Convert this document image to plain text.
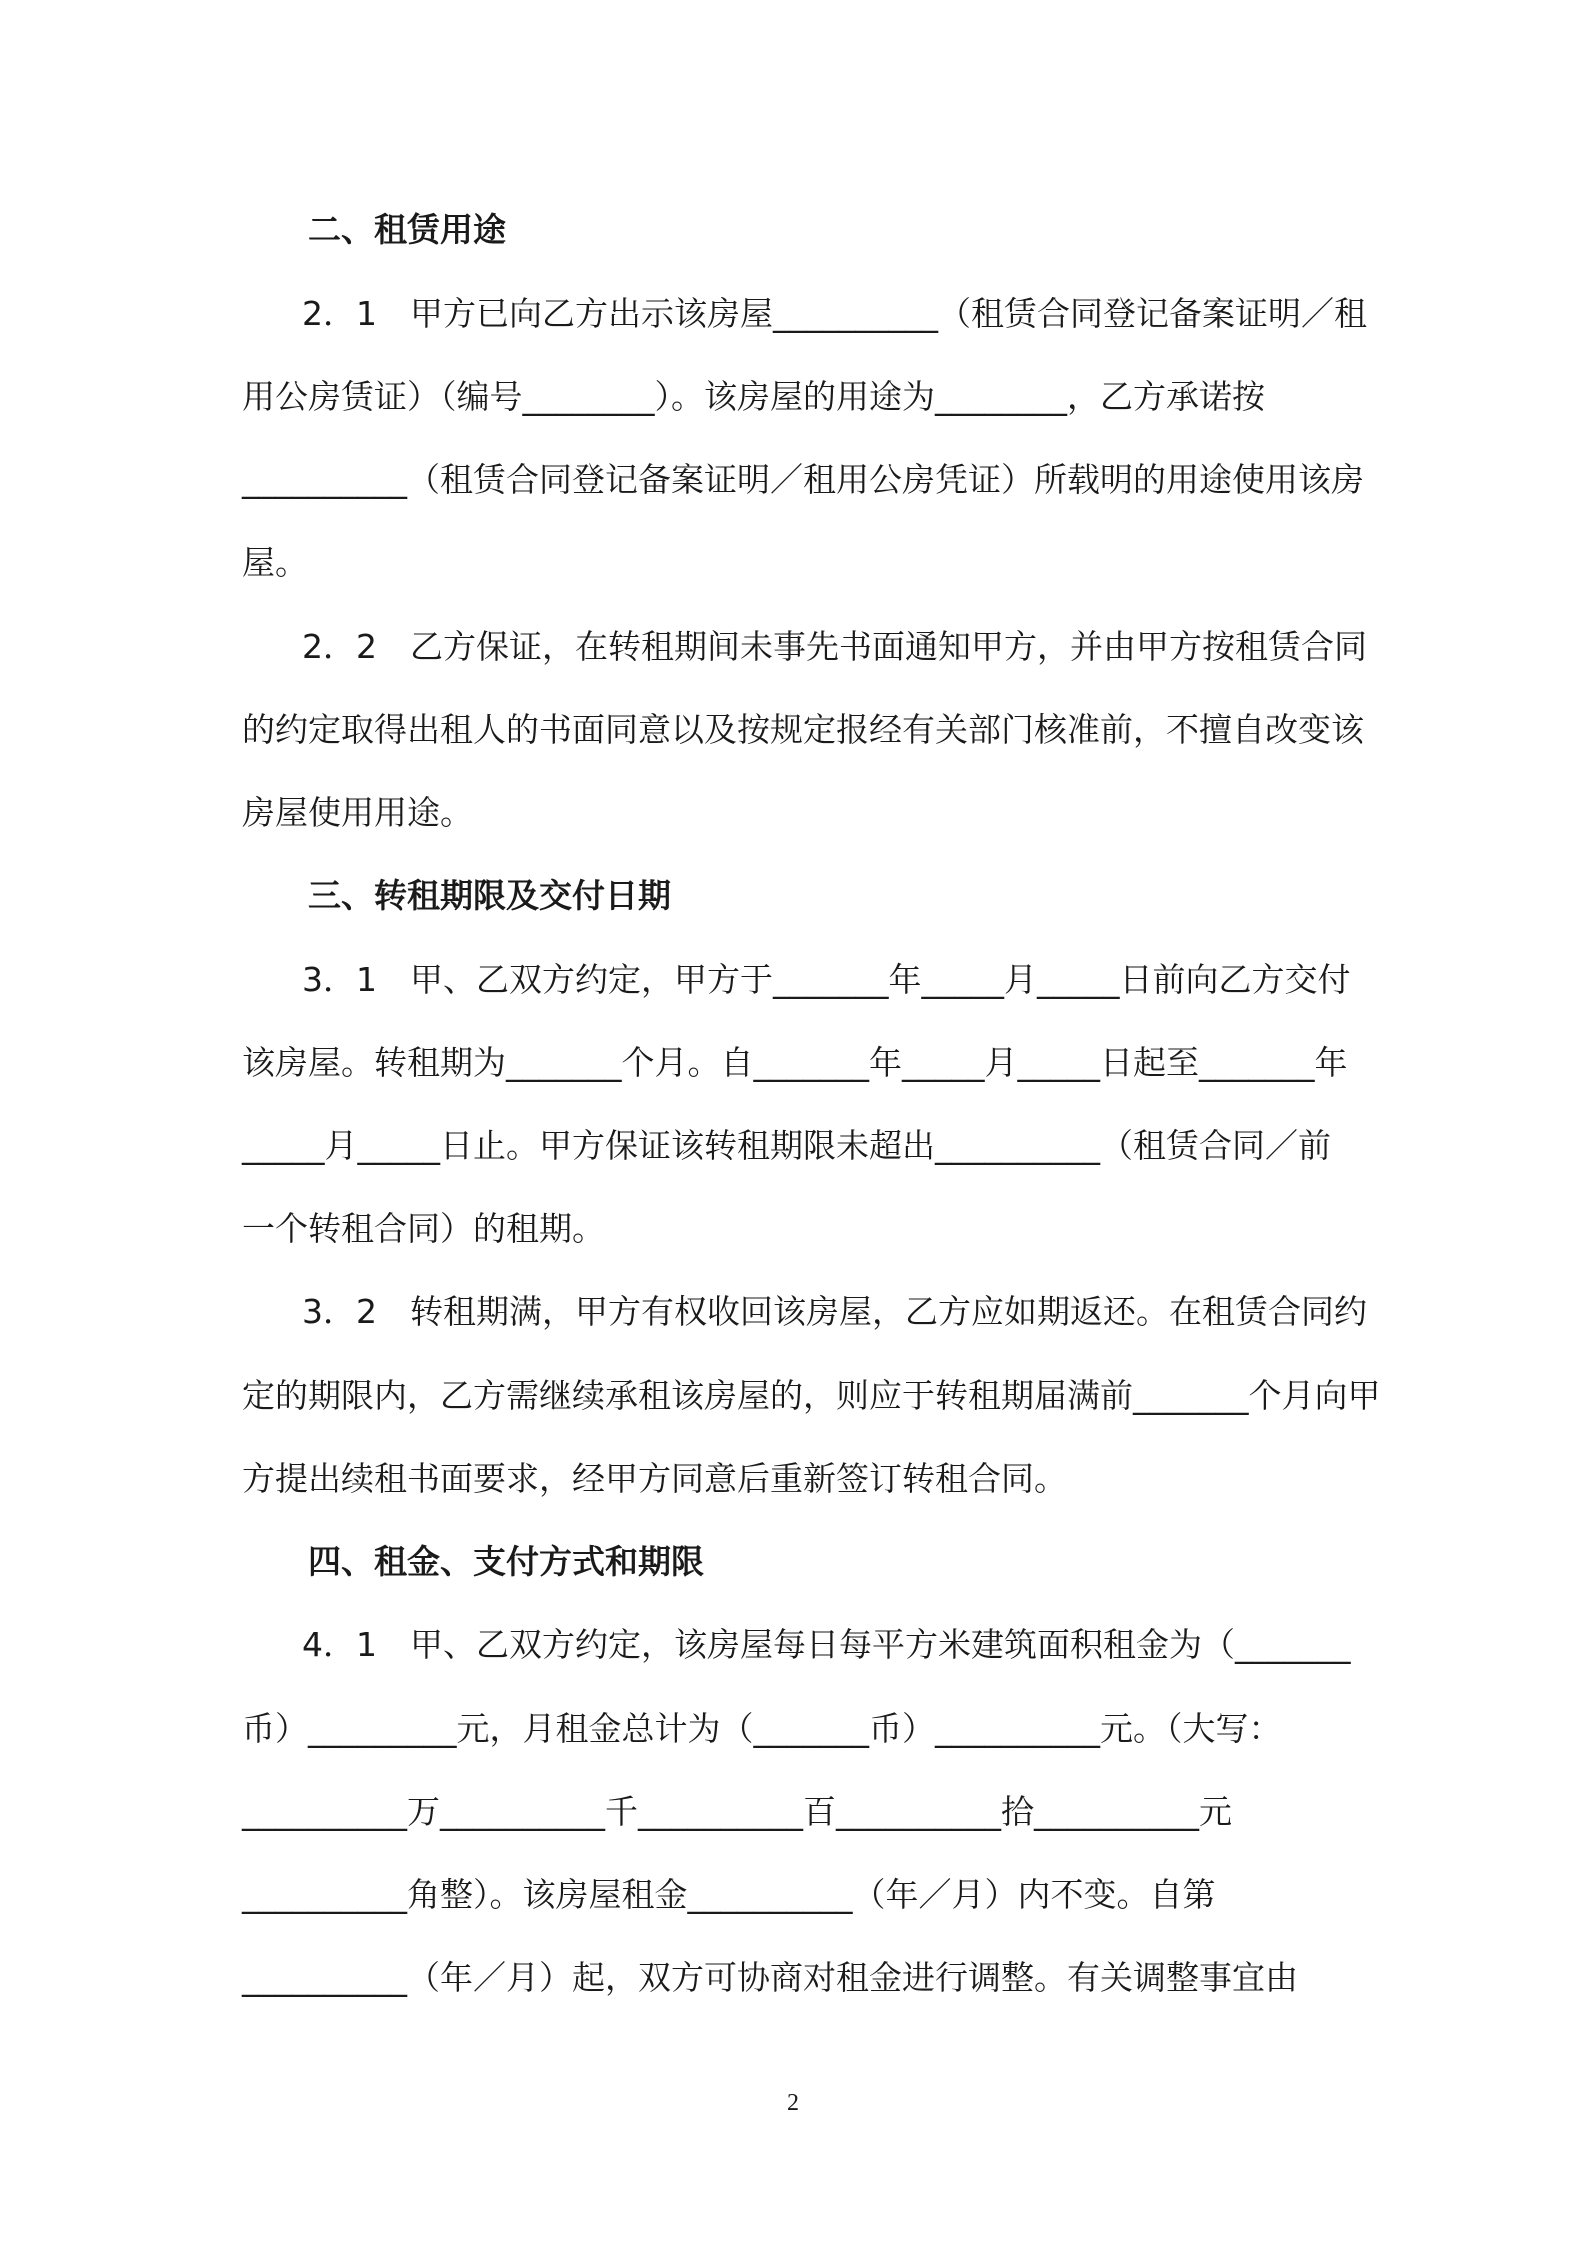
二、租赁用途

2．1　甲方已向乙方出示该房屋__________（租赁合同登记备案证明／租

用公房赁证）（编号________）。该房屋的用途为________，乙方承诺按

__________（租赁合同登记备案证明／租用公房凭证）所载明的用途使用该房

屋。

2．2　乙方保证，在转租期间未事先书面通知甲方，并由甲方按租赁合同

的约定取得出租人的书面同意以及按规定报经有关部门核准前，不擅自改变该

房屋使用用途。

三、转租期限及交付日期

3．1　甲、乙双方约定，甲方于_______年_____月_____日前向乙方交付

该房屋。转租期为_______个月。自_______年_____月_____日起至_______年

_____月_____日止。甲方保证该转租期限未超出__________（租赁合同／前

一个转租合同）的租期。

3．2　转租期满，甲方有权收回该房屋，乙方应如期返还。在租赁合同约

定的期限内，乙方需继续承租该房屋的，则应于转租期届满前_______个月向甲

方提出续租书面要求，经甲方同意后重新签订转租合同。

四、租金、支付方式和期限

4．1　甲、乙双方约定，该房屋每日每平方米建筑面积租金为（_______

币）_________元，月租金总计为（_______币）__________元。（大写：

__________万__________千__________百__________拾__________元

__________角整）。该房屋租金__________（年／月）内不变。自第

__________（年／月）起，双方可协商对租金进行调整。有关调整事宜由

2
